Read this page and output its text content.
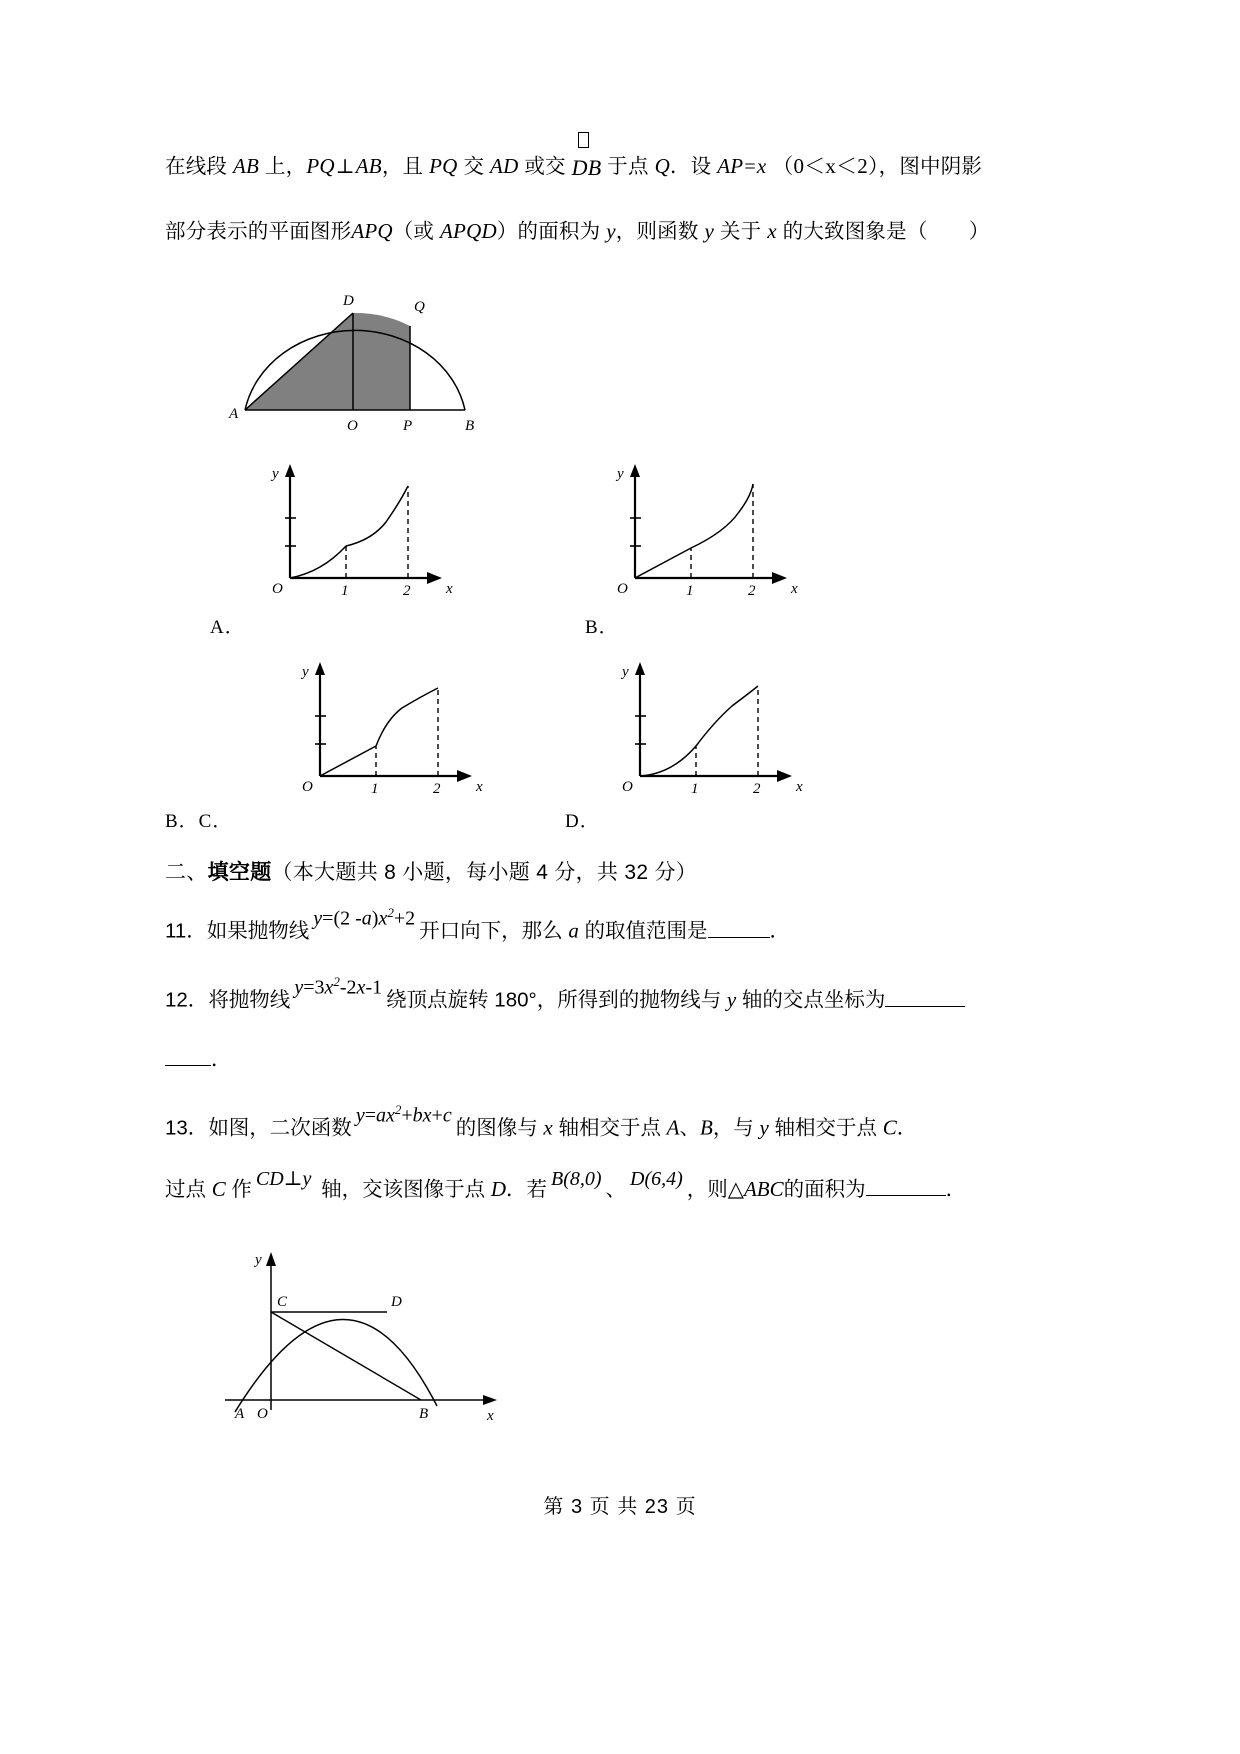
在线段 AB 上，PQ⊥AB，且 PQ 交 AD 或交
DB 于点 Q．设 AP=x （0＜x＜2），图中阴影
部分表示的平面图形APQ（或 APQD）的面积为 y，则函数 y 关于 x 的大致图象是（　　）
D	Q
A
O	P	B
O	1	2 x
y
O	1	2 x
y
A．	B．
O	1	2 x
y
O	1	2 x
y
B．C．	D．
二、填空题（本大题共 8 小题，每小题 4 分，共 32 分）
11．如果抛物线y=(2 $-a)x^2+2$开口向下，那么 a 的取值范围是	．
12．将抛物线$y=3x^2-2x-1$绕顶点旋转 180°，所得到的抛物线与 y 轴的交点坐标为
．
13．如图，二次函数$y=ax^2+bx+c$的图像与 x 轴相交于点 A、B，与 y 轴相交于点 C．
过点 C 作 CD⊥y 轴，交该图像于点 D．若 B(8,0) 、 D(6,4) ，则△ABC的面积为	．
C	D
A O	B	x
y
第 3 页 共 23 页
